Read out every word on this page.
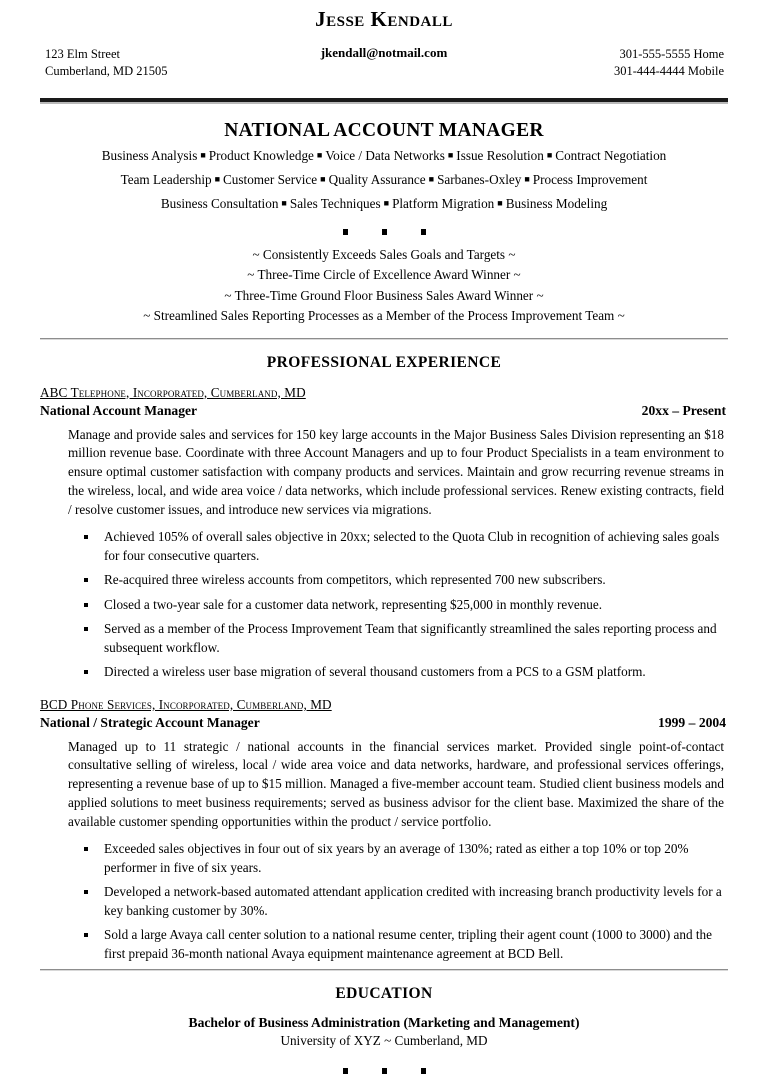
Jesse Kendall
123 Elm Street
Cumberland, MD 21505
jkendall@notmail.com	301-555-5555 Home
301-444-4444 Mobile
NATIONAL ACCOUNT MANAGER
Business Analysis ■ Product Knowledge ■ Voice / Data Networks ■ Issue Resolution ■ Contract Negotiation
Team Leadership ■ Customer Service ■ Quality Assurance ■ Sarbanes-Oxley ■ Process Improvement
Business Consultation ■ Sales Techniques ■ Platform Migration ■ Business Modeling
~ Consistently Exceeds Sales Goals and Targets ~
~ Three-Time Circle of Excellence Award Winner ~
~ Three-Time Ground Floor Business Sales Award Winner ~
~ Streamlined Sales Reporting Processes as a Member of the Process Improvement Team ~
PROFESSIONAL EXPERIENCE
ABC Telephone, Incorporated, Cumberland, MD
National Account Manager	20xx – Present
Manage and provide sales and services for 150 key large accounts in the Major Business Sales Division representing an $18 million revenue base. Coordinate with three Account Managers and up to four Product Specialists in a team environment to ensure optimal customer satisfaction with company products and services. Maintain and grow recurring revenue streams in the wireless, local, and wide area voice / data networks, which include professional services. Renew existing contracts, field / resolve customer issues, and introduce new services via migrations.
Achieved 105% of overall sales objective in 20xx; selected to the Quota Club in recognition of achieving sales goals for four consecutive quarters.
Re-acquired three wireless accounts from competitors, which represented 700 new subscribers.
Closed a two-year sale for a customer data network, representing $25,000 in monthly revenue.
Served as a member of the Process Improvement Team that significantly streamlined the sales reporting process and subsequent workflow.
Directed a wireless user base migration of several thousand customers from a PCS to a GSM platform.
BCD Phone Services, Incorporated, Cumberland, MD
National / Strategic Account Manager	1999 – 2004
Managed up to 11 strategic / national accounts in the financial services market. Provided single point-of-contact consultative selling of wireless, local / wide area voice and data networks, hardware, and professional services offerings, representing a revenue base of up to $15 million. Managed a five-member account team. Studied client business models and applied solutions to meet business requirements; served as business advisor for the client base. Maximized the share of the available customer spending opportunities within the product / service portfolio.
Exceeded sales objectives in four out of six years by an average of 130%; rated as either a top 10% or top 20% performer in five of six years.
Developed a network-based automated attendant application credited with increasing branch productivity levels for a key banking customer by 30%.
Sold a large Avaya call center solution to a national resume center, tripling their agent count (1000 to 3000) and the first prepaid 36-month national Avaya equipment maintenance agreement at BCD Bell.
EDUCATION
Bachelor of Business Administration (Marketing and Management)
University of XYZ ~ Cumberland, MD
